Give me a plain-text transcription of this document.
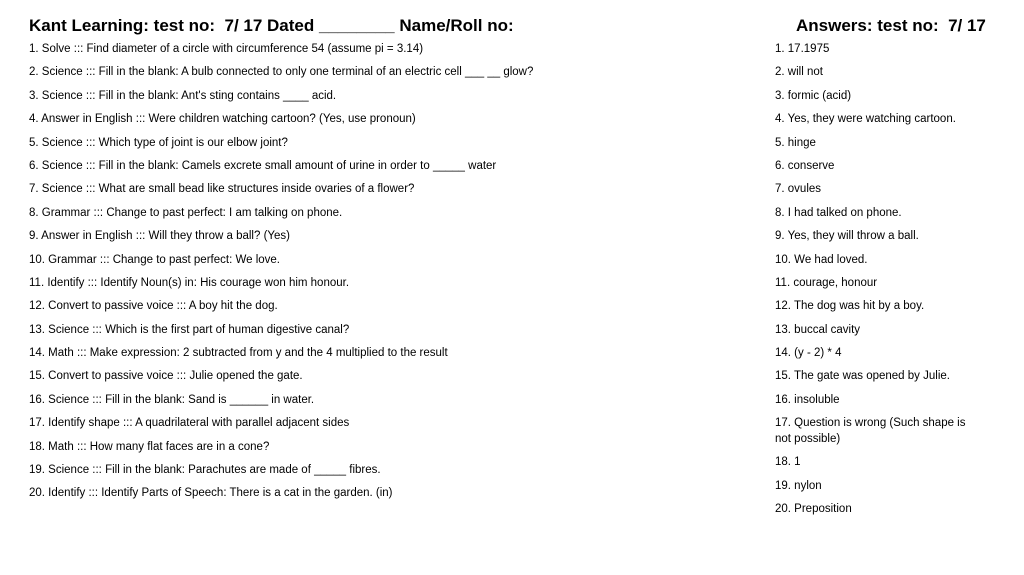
Kant Learning: test no:  7/ 17 Dated ________ Name/Roll no:	Answers: test no:  7/ 17
1. Solve ::: Find diameter of a circle with circumference 54 (assume pi = 3.14)
2. Science ::: Fill in the blank: A bulb connected to only one terminal of an electric cell ___ __ glow?
3. Science ::: Fill in the blank: Ant's sting contains ____ acid.
4. Answer in English ::: Were children watching cartoon? (Yes, use pronoun)
5. Science ::: Which type of joint is our elbow joint?
6. Science ::: Fill in the blank: Camels excrete small amount of urine in order to _____ water
7. Science ::: What are small bead like structures inside ovaries of a flower?
8. Grammar ::: Change to past perfect: I am talking on phone.
9. Answer in English ::: Will they throw a ball? (Yes)
10. Grammar ::: Change to past perfect: We love.
11. Identify ::: Identify Noun(s) in: His courage won him honour.
12. Convert to passive voice ::: A boy hit the dog.
13. Science ::: Which is the first part of human digestive canal?
14. Math ::: Make expression: 2 subtracted from y and the 4 multiplied to the result
15. Convert to passive voice ::: Julie opened the gate.
16. Science ::: Fill in the blank: Sand is ______ in water.
17. Identify shape ::: A quadrilateral with parallel adjacent sides
18. Math ::: How many flat faces are in a cone?
19. Science ::: Fill in the blank: Parachutes are made of _____ fibres.
20. Identify ::: Identify Parts of Speech: There is a cat in the garden. (in)
1. 17.1975
2. will not
3. formic (acid)
4. Yes, they were watching cartoon.
5. hinge
6. conserve
7. ovules
8. I had talked on phone.
9. Yes, they will throw a ball.
10. We had loved.
11. courage, honour
12. The dog was hit by a boy.
13. buccal cavity
14. (y - 2) * 4
15. The gate was opened by Julie.
16. insoluble
17. Question is wrong (Such shape is not possible)
18. 1
19. nylon
20. Preposition
